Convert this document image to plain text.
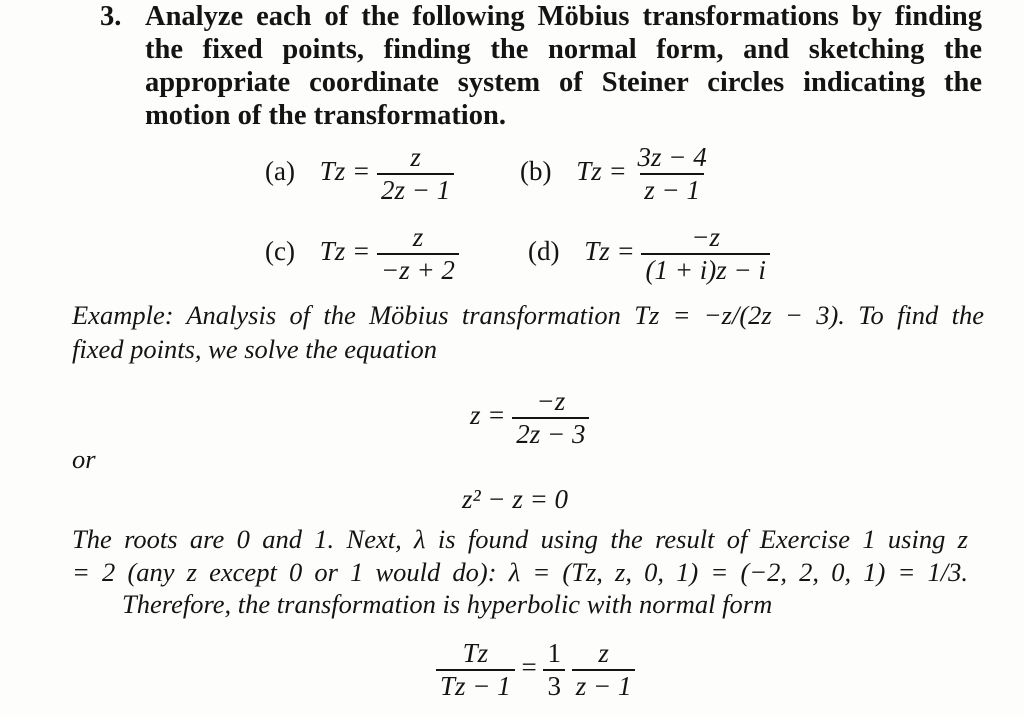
3. Analyze each of the following Möbius transformations by finding
the fixed points, finding the normal form, and sketching the
appropriate coordinate system of Steiner circles indicating the
motion of the transformation.
(a) $Tz = \frac{z}{2z - 1} (b) Tz = \frac{3z - 4}{z - 1}$
(c) $Tz = \frac{z}{-z + 2}$	(d) $Tz = \frac{-z}{(1 + i)z - i}$
Example: Analysis of the Möbius transformation Tz = −z/(2z − 3). To find the
fixed points, we solve the equation
$z = \frac{-z}{2z - 3}$
or
z² − z = 0
The roots are 0 and 1. Next, λ is found using the result of Exercise 1 using z
= 2 (any z except 0 or 1 would do): λ = (Tz, z, 0, 1) = (−2, 2, 0, 1) = 1/3.
Therefore, the transformation is hyperbolic with normal form
$\frac{Tz}{Tz - 1} = \frac{1}{3}$
$\frac{z}{z - 1}$
